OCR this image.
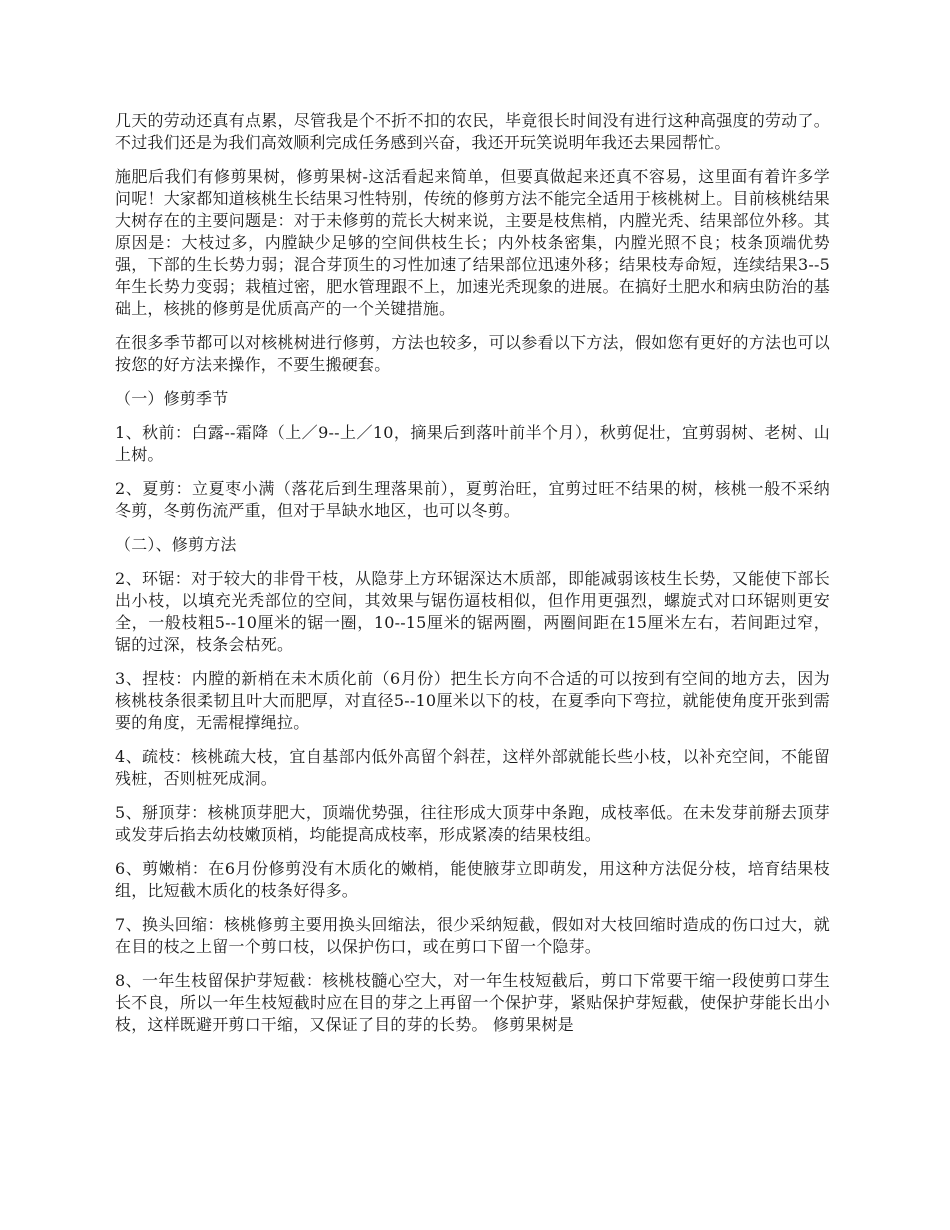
几天的劳动还真有点累，尽管我是个不折不扣的农民，毕竟很长时间没有进行这种高强度的劳动了。不过我们还是为我们高效顺利完成任务感到兴奋，我还开玩笑说明年我还去果园帮忙。

施肥后我们有修剪果树，修剪果树-这活看起来简单，但要真做起来还真不容易，这里面有着许多学问呢！大家都知道核桃生长结果习性特别，传统的修剪方法不能完全适用于核桃树上。目前核桃结果大树存在的主要问题是：对于未修剪的荒长大树来说，主要是枝焦梢，内膛光秃、结果部位外移。其原因是：大枝过多，内膛缺少足够的空间供枝生长；内外枝条密集，内膛光照不良；枝条顶端优势强，下部的生长势力弱；混合芽顶生的习性加速了结果部位迅速外移；结果枝寿命短，连续结果3--5年生长势力变弱；栽植过密，肥水管理跟不上，加速光秃现象的进展。在搞好土肥水和病虫防治的基础上，核挑的修剪是优质高产的一个关键措施。

在很多季节都可以对核桃树进行修剪，方法也较多，可以参看以下方法，假如您有更好的方法也可以按您的好方法来操作，不要生搬硬套。

（一）修剪季节

1、秋前：白露--霜降（上／9--上／10，摘果后到落叶前半个月），秋剪促壮，宜剪弱树、老树、山上树。

2、夏剪：立夏枣小满（落花后到生理落果前），夏剪治旺，宜剪过旺不结果的树，核桃一般不采纳冬剪，冬剪伤流严重，但对于旱缺水地区，也可以冬剪。

（二）、修剪方法

2、环锯：对于较大的非骨干枝，从隐芽上方环锯深达木质部，即能减弱该枝生长势，又能使下部长出小枝，以填充光秃部位的空间，其效果与锯伤逼枝相似，但作用更强烈，螺旋式对口环锯则更安全，一般枝粗5--10厘米的锯一圈，10--15厘米的锯两圈，两圈间距在15厘米左右，若间距过窄，锯的过深，枝条会枯死。

3、捏枝：内膛的新梢在未木质化前（6月份）把生长方向不合适的可以按到有空间的地方去，因为核桃枝条很柔韧且叶大而肥厚，对直径5--10厘米以下的枝，在夏季向下弯拉，就能使角度开张到需要的角度，无需棍撑绳拉。

4、疏枝：核桃疏大枝，宜自基部内低外高留个斜茬，这样外部就能长些小枝，以补充空间，不能留残桩，否则桩死成洞。

5、掰顶芽：核桃顶芽肥大，顶端优势强，往往形成大顶芽中条跑，成枝率低。在未发芽前掰去顶芽或发芽后掐去幼枝嫩顶梢，均能提高成枝率，形成紧凑的结果枝组。

6、剪嫩梢：在6月份修剪没有木质化的嫩梢，能使腋芽立即萌发，用这种方法促分枝，培育结果枝组，比短截木质化的枝条好得多。

7、换头回缩：核桃修剪主要用换头回缩法，很少采纳短截，假如对大枝回缩时造成的伤口过大，就在目的枝之上留一个剪口枝，以保护伤口，或在剪口下留一个隐芽。

8、一年生枝留保护芽短截：核桃枝髓心空大，对一年生枝短截后，剪口下常要干缩一段使剪口芽生长不良，所以一年生枝短截时应在目的芽之上再留一个保护芽，紧贴保护芽短截，使保护芽能长出小枝，这样既避开剪口干缩，又保证了目的芽的长势。 修剪果树是
